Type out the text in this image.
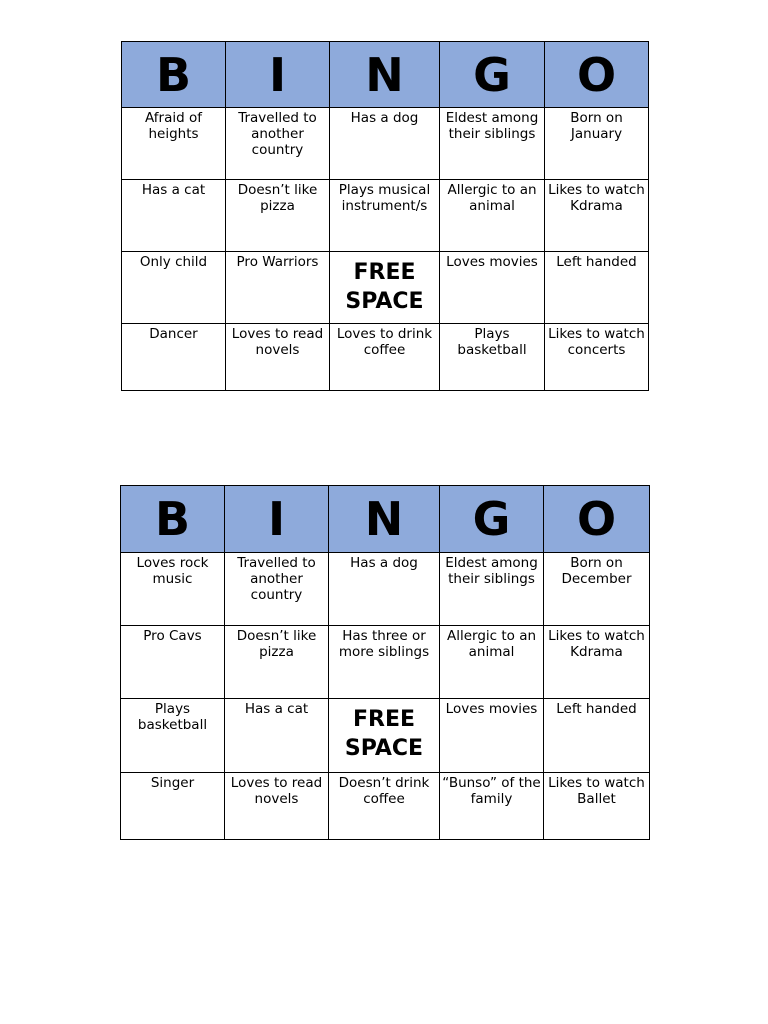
B	I	N	G	O
Afraid of heights	Travelled to another country	Has a dog	Eldest among their siblings	Born on January
Has a cat	Doesn’t like pizza	Plays musical instrument/s	Allergic to an animal	Likes to watch Kdrama
Only child	Pro Warriors	FREE SPACE	Loves movies	Left handed
Dancer	Loves to read novels	Loves to drink coffee	Plays basketball	Likes to watch concerts
B	I	N	G	O
Loves rock music	Travelled to another country	Has a dog	Eldest among their siblings	Born on December
Pro Cavs	Doesn’t like pizza	Has three or more siblings	Allergic to an animal	Likes to watch Kdrama
Plays basketball	Has a cat	FREE SPACE	Loves movies	Left handed
Singer	Loves to read novels	Doesn’t drink coffee	“Bunso” of the family	Likes to watch Ballet
